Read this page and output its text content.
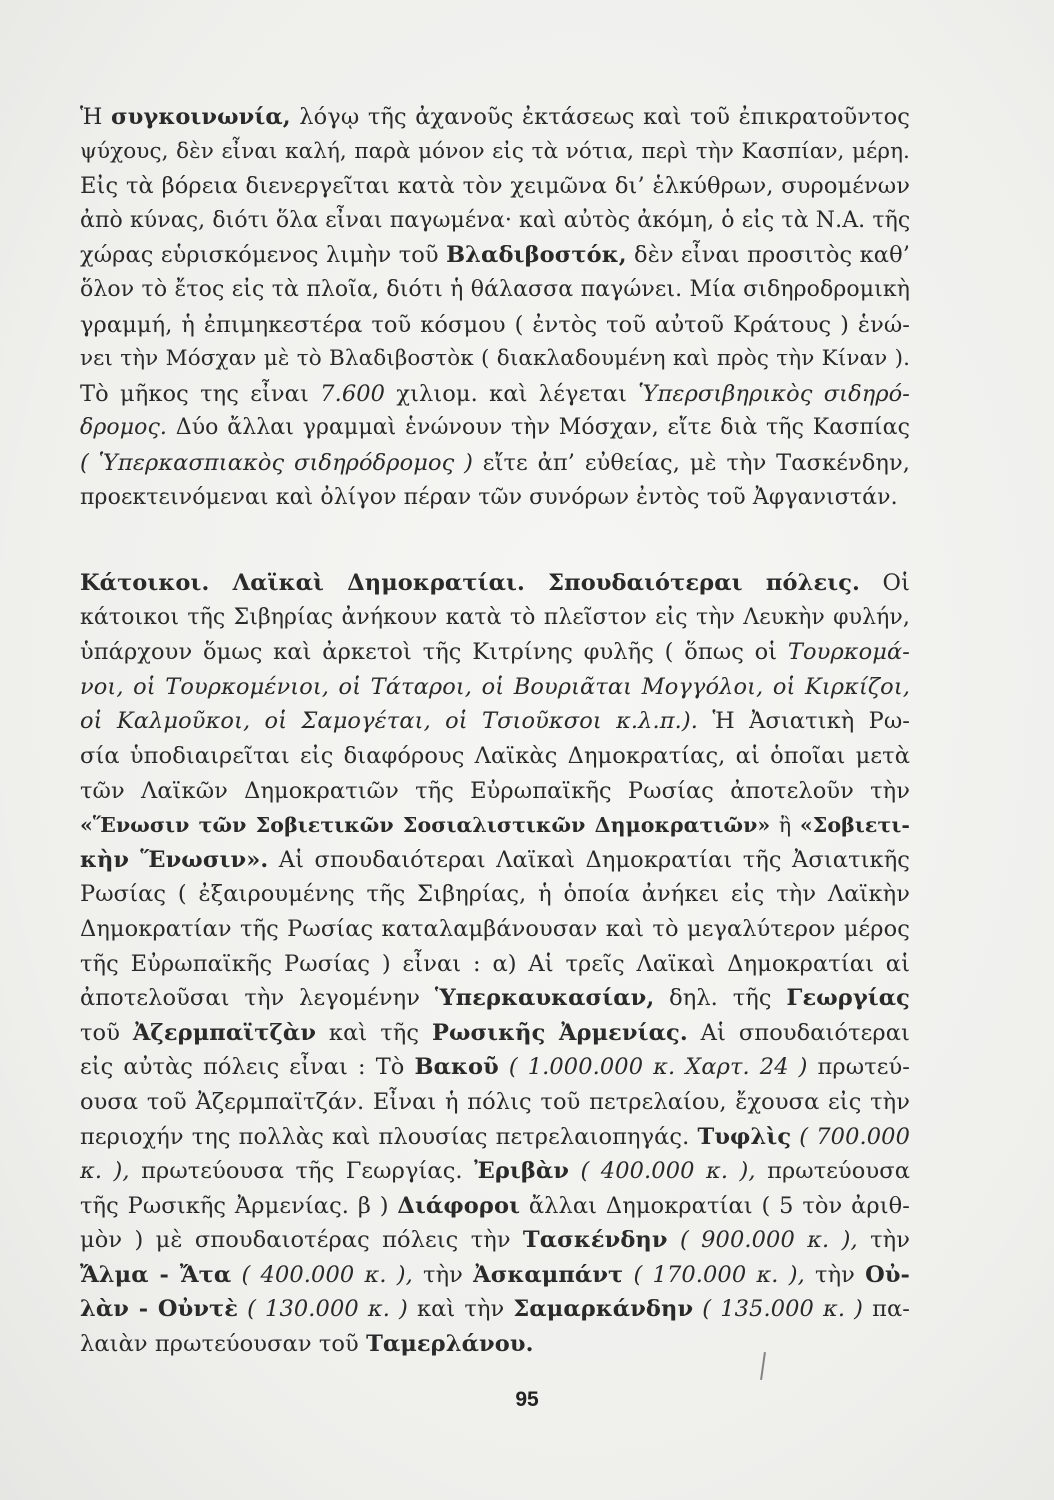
Ἡ συγκοινωνία, λόγῳ τῆς ἀχανοῦς ἐκτάσεως καὶ τοῦ ἐπικρατοῦντος
ψύχους, δὲν εἶναι καλή, παρὰ μόνον εἰς τὰ νότια, περὶ τὴν Κασπίαν, μέρη.
Εἰς τὰ βόρεια διενεργεῖται κατὰ τὸν χειμῶνα δι’ ἑλκύθρων, συρομένων
ἀπὸ κύνας, διότι ὅλα εἶναι παγωμένα· καὶ αὐτὸς ἀκόμη, ὁ εἰς τὰ Ν.Α. τῆς
χώρας εὑρισκόμενος λιμὴν τοῦ Βλαδιβοστόκ, δὲν εἶναι προσιτὸς καθ’
ὅλον τὸ ἔτος εἰς τὰ πλοῖα, διότι ἡ θάλασσα παγώνει. Μία σιδηροδρομικὴ
γραμμή, ἡ ἐπιμηκεστέρα τοῦ κόσμου ( ἐντὸς τοῦ αὐτοῦ Κράτους ) ἑνώ-
νει τὴν Μόσχαν μὲ τὸ Βλαδιβοστὸκ ( διακλαδουμένη καὶ πρὸς τὴν Κίναν ).
Τὸ μῆκος της εἶναι 7.600 χιλιομ. καὶ λέγεται Ὑπερσιβηρικὸς σιδηρό-
δρομος. Δύο ἄλλαι γραμμαὶ ἑνώνουν τὴν Μόσχαν, εἴτε διὰ τῆς Κασπίας
( Ὑπερκασπιακὸς σιδηρόδρομος ) εἴτε ἀπ’ εὐθείας, μὲ τὴν Τασκένδην,
προεκτεινόμεναι καὶ ὀλίγον πέραν τῶν συνόρων ἐντὸς τοῦ Ἀφγανιστάν.
Κάτοικοι. Λαϊκαὶ Δημοκρατίαι. Σπουδαιότεραι πόλεις. Οἱ
κάτοικοι τῆς Σιβηρίας ἀνήκουν κατὰ τὸ πλεῖστον εἰς τὴν Λευκὴν φυλήν,
ὑπάρχουν ὅμως καὶ ἀρκετοὶ τῆς Κιτρίνης φυλῆς ( ὅπως οἱ Τουρκομά-
νοι, οἱ Τουρκομένιοι, οἱ Τάταροι, οἱ Βουριᾶται Μογγόλοι, οἱ Κιρκίζοι,
οἱ Καλμοῦκοι, οἱ Σαμογέται, οἱ Τσιοῦκσοι κ.λ.π.). Ἡ Ἀσιατικὴ Ρω-
σία ὑποδιαιρεῖται εἰς διαφόρους Λαϊκὰς Δημοκρατίας, αἱ ὁποῖαι μετὰ
τῶν Λαϊκῶν Δημοκρατιῶν τῆς Εὐρωπαϊκῆς Ρωσίας ἀποτελοῦν τὴν
«Ἕνωσιν τῶν Σοβιετικῶν Σοσιαλιστικῶν Δημοκρατιῶν» ἢ «Σοβιετι-
κὴν Ἕνωσιν». Αἱ σπουδαιότεραι Λαϊκαὶ Δημοκρατίαι τῆς Ἀσιατικῆς
Ρωσίας ( ἐξαιρουμένης τῆς Σιβηρίας, ἡ ὁποία ἀνήκει εἰς τὴν Λαϊκὴν
Δημοκρατίαν τῆς Ρωσίας καταλαμβάνουσαν καὶ τὸ μεγαλύτερον μέρος
τῆς Εὐρωπαϊκῆς Ρωσίας ) εἶναι : α) Αἱ τρεῖς Λαϊκαὶ Δημοκρατίαι αἱ
ἀποτελοῦσαι τὴν λεγομένην Ὑπερκαυκασίαν, δηλ. τῆς Γεωργίας
τοῦ Ἀζερμπαϊτζὰν καὶ τῆς Ρωσικῆς Ἀρμενίας. Αἱ σπουδαιότεραι
εἰς αὐτὰς πόλεις εἶναι : Τὸ Βακοῦ ( 1.000.000 κ. Χαρτ. 24 ) πρωτεύ-
ουσα τοῦ Ἀζερμπαϊτζάν. Εἶναι ἡ πόλις τοῦ πετρελαίου, ἔχουσα εἰς τὴν
περιοχήν της πολλὰς καὶ πλουσίας πετρελαιοπηγάς. Τυφλὶς ( 700.000
κ. ), πρωτεύουσα τῆς Γεωργίας. Ἐριβὰν ( 400.000 κ. ), πρωτεύουσα
τῆς Ρωσικῆς Ἀρμενίας. β ) Διάφοροι ἄλλαι Δημοκρατίαι ( 5 τὸν ἀριθ-
μὸν ) μὲ σπουδαιοτέρας πόλεις τὴν Τασκένδην ( 900.000 κ. ), τὴν
Ἄλμα - Ἄτα ( 400.000 κ. ), τὴν Ἀσκαμπάντ ( 170.000 κ. ), τὴν Οὐ-
λὰν - Οὐντὲ ( 130.000 κ. ) καὶ τὴν Σαμαρκάνδην ( 135.000 κ. ) πα-
λαιὰν πρωτεύουσαν τοῦ Ταμερλάνου.
95
